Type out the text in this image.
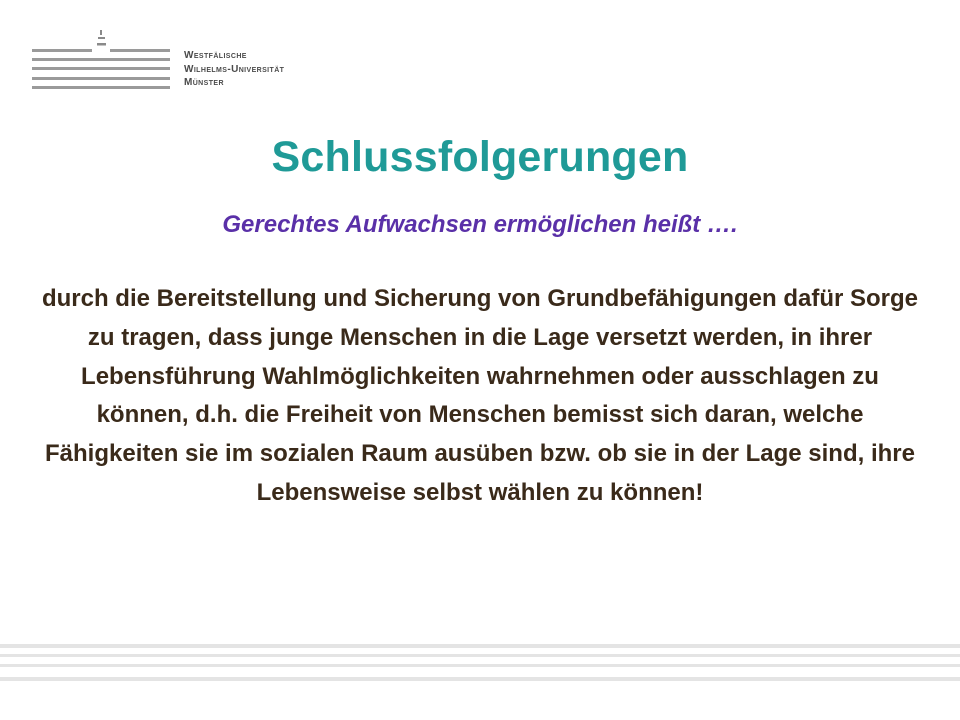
Westfälische
Wilhelms-Universität
Münster
Schlussfolgerungen

Gerechtes Aufwachsen ermöglichen heißt ….

durch die Bereitstellung und Sicherung von Grundbefähigungen dafür Sorge zu tragen, dass junge Menschen in die Lage versetzt werden, in ihrer Lebensführung Wahlmöglichkeiten wahrnehmen oder ausschlagen zu können, d.h. die Freiheit von Menschen bemisst sich daran, welche Fähigkeiten sie im sozialen Raum ausüben bzw. ob sie in der Lage sind, ihre Lebensweise selbst wählen zu können!
